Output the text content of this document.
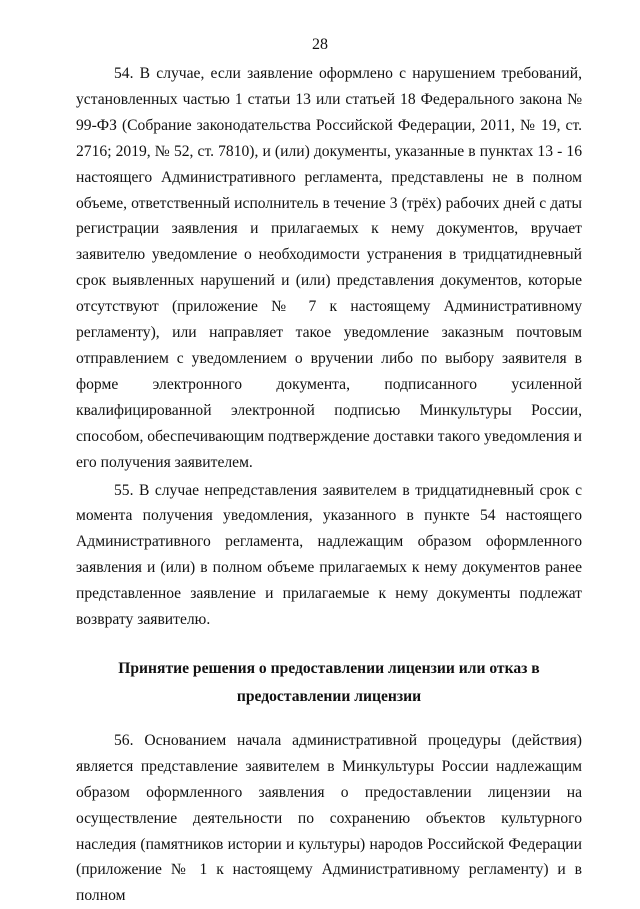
28

54. В случае, если заявление оформлено с нарушением требований, установленных частью 1 статьи 13 или статьей 18 Федерального закона № 99-ФЗ (Собрание законодательства Российской Федерации, 2011, № 19, ст. 2716; 2019, № 52, ст. 7810), и (или) документы, указанные в пунктах 13 - 16 настоящего Административного регламента, представлены не в полном объеме, ответственный исполнитель в течение 3 (трёх) рабочих дней с даты регистрации заявления и прилагаемых к нему документов, вручает заявителю уведомление о необходимости устранения в тридцатидневный срок выявленных нарушений и (или) представления документов, которые отсутствуют (приложение № 7 к настоящему Административному регламенту), или направляет такое уведомление заказным почтовым отправлением с уведомлением о вручении либо по выбору заявителя в форме электронного документа, подписанного усиленной квалифицированной электронной подписью Минкультуры России, способом, обеспечивающим подтверждение доставки такого уведомления и его получения заявителем.

55. В случае непредставления заявителем в тридцатидневный срок с момента получения уведомления, указанного в пункте 54 настоящего Административного регламента, надлежащим образом оформленного заявления и (или) в полном объеме прилагаемых к нему документов ранее представленное заявление и прилагаемые к нему документы подлежат возврату заявителю.

Принятие решения о предоставлении лицензии или отказ в
предоставлении лицензии

56. Основанием начала административной процедуры (действия) является представление заявителем в Минкультуры России надлежащим образом оформленного заявления о предоставлении лицензии на осуществление деятельности по сохранению объектов культурного наследия (памятников истории и культуры) народов Российской Федерации (приложение № 1 к настоящему Административному регламенту) и в полном
